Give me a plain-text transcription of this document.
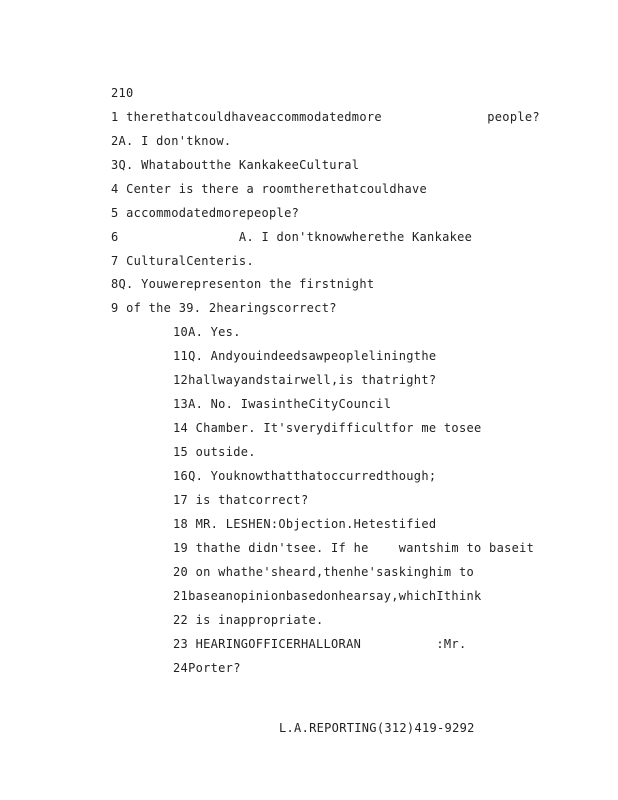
210
1 therethatcouldhaveaccommodatedmore              people?
2A. I don'tknow.
3Q. Whataboutthe KankakeeCultural
4 Center is there a roomtherethatcouldhave
5 accommodatedmorepeople?
6                A. I don'tknowwherethe Kankakee
7 CulturalCenteris.
8Q. Youwerepresenton the firstnight
9 of the 39. 2hearingscorrect?
10A. Yes.
11Q. Andyouindeedsawpeopleliningthe
12hallwayandstairwell,is thatright?
13A. No. IwasintheCityCouncil
14 Chamber. It'sverydifficultfor me tosee
15 outside.
16Q. Youknowthatthatoccurredthough;
17 is thatcorrect?
18 MR. LESHEN:Objection.Hetestified
19 thathe didn'tsee. If he    wantshim to baseit
20 on whathe'sheard,thenhe'saskinghim to
21baseanopinionbasedonhearsay,whichIthink
22 is inappropriate.
23 HEARINGOFFICERHALLORAN          :Mr.
24Porter?
L.A.REPORTING(312)419-9292
